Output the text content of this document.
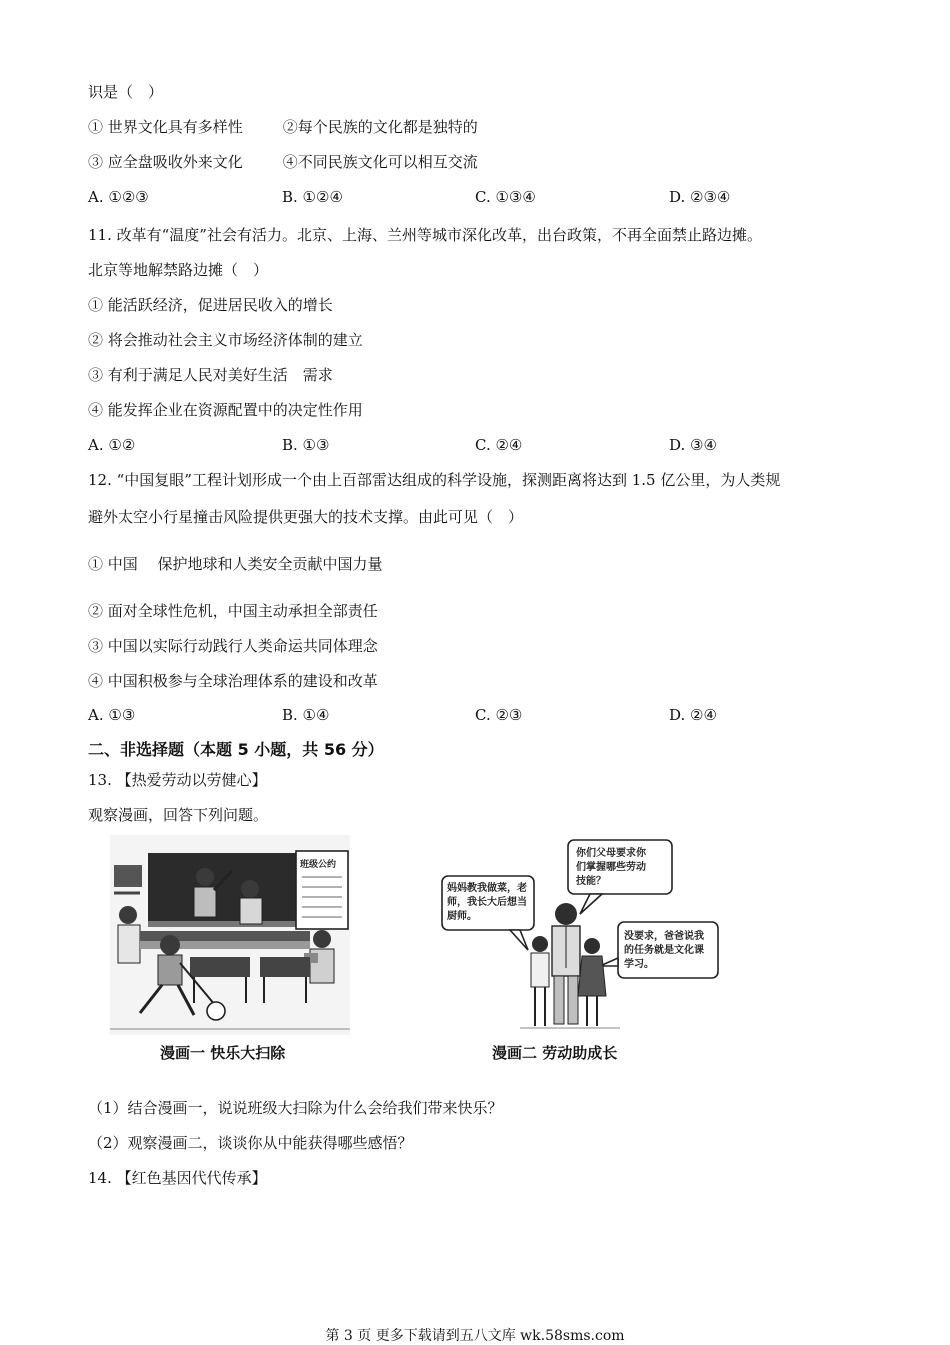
识是（　）
① 世界文化具有多样性	②每个民族的文化都是独特的
③ 应全盘吸收外来文化	④不同民族文化可以相互交流
A. ①②③	B. ①②④	C. ①③④	D. ②③④
11. 改革有“温度”社会有活力。北京、上海、兰州等城市深化改革，出台政策，不再全面禁止路边摊。
北京等地解禁路边摊（　）
① 能活跃经济，促进居民收入的增长
② 将会推动社会主义市场经济体制的建立
③ 有利于满足人民对美好生活　需求
④ 能发挥企业在资源配置中的决定性作用
A. ①②	B. ①③	C. ②④	D. ③④
12. “中国复眼”工程计划形成一个由上百部雷达组成的科学设施，探测距离将达到 1.5 亿公里，为人类规
避外太空小行星撞击风险提供更强大的技术支撑。由此可见（　）
① 中国　 保护地球和人类安全贡献中国力量
② 面对全球性危机，中国主动承担全部责任
③ 中国以实际行动践行人类命运共同体理念
④ 中国积极参与全球治理体系的建设和改革
A. ①③	B. ①④	C. ②③	D. ②④
二、非选择题（本题 5 小题，共 56 分）
13. 【热爱劳动以劳健心】
观察漫画，回答下列问题。
班级公约
漫画一 快乐大扫除
妈妈教我做菜，老
师，我长大后想当
厨师。
你们父母要求你
们掌握哪些劳动
技能？
没要求，爸爸说我
的任务就是文化课
学习。
漫画二 劳动助成长
（1）结合漫画一，说说班级大扫除为什么会给我们带来快乐？
（2）观察漫画二，谈谈你从中能获得哪些感悟？
14. 【红色基因代代传承】
第 3 页 更多下载请到五八文库 wk.58sms.com
